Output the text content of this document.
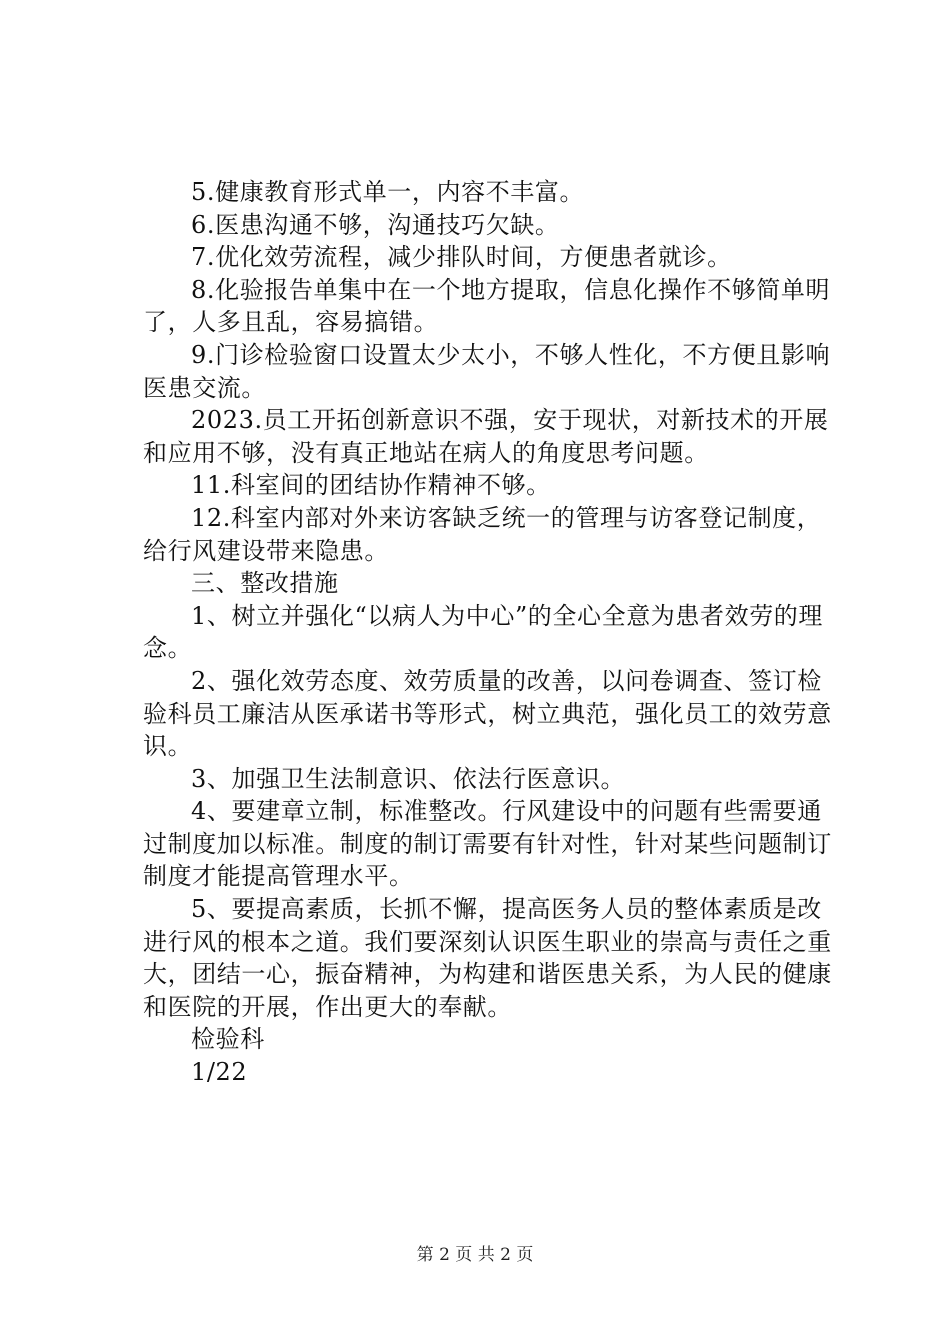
5.健康教育形式单一，内容不丰富。

6.医患沟通不够，沟通技巧欠缺。

7.优化效劳流程，减少排队时间，方便患者就诊。

8.化验报告单集中在一个地方提取，信息化操作不够简单明了，人多且乱，容易搞错。

9.门诊检验窗口设置太少太小，不够人性化，不方便且影响医患交流。

2023.员工开拓创新意识不强，安于现状，对新技术的开展和应用不够，没有真正地站在病人的角度思考问题。

11.科室间的团结协作精神不够。

12.科室内部对外来访客缺乏统一的管理与访客登记制度，给行风建设带来隐患。

三、整改措施

1、树立并强化“以病人为中心”的全心全意为患者效劳的理念。

2、强化效劳态度、效劳质量的改善，以问卷调查、签订检验科员工廉洁从医承诺书等形式，树立典范，强化员工的效劳意识。

3、加强卫生法制意识、依法行医意识。

4、要建章立制，标准整改。行风建设中的问题有些需要通过制度加以标准。制度的制订需要有针对性，针对某些问题制订制度才能提高管理水平。

5、要提高素质，长抓不懈，提高医务人员的整体素质是改进行风的根本之道。我们要深刻认识医生职业的崇高与责任之重大，团结一心，振奋精神，为构建和谐医患关系，为人民的健康和医院的开展，作出更大的奉献。

检验科

1/22

第 2 页 共 2 页
